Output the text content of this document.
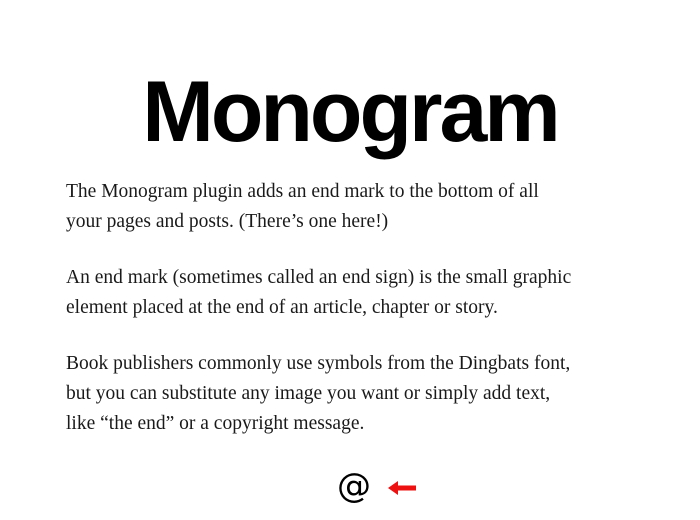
Monogram

The Monogram plugin adds an end mark to the bottom of all
your pages and posts. (There’s one here!)

An end mark (sometimes called an end sign) is the small graphic
element placed at the end of an article, chapter or story.

Book publishers commonly use symbols from the Dingbats font,
but you can substitute any image you want or simply add text,
like “the end” or a copyright message.

@
